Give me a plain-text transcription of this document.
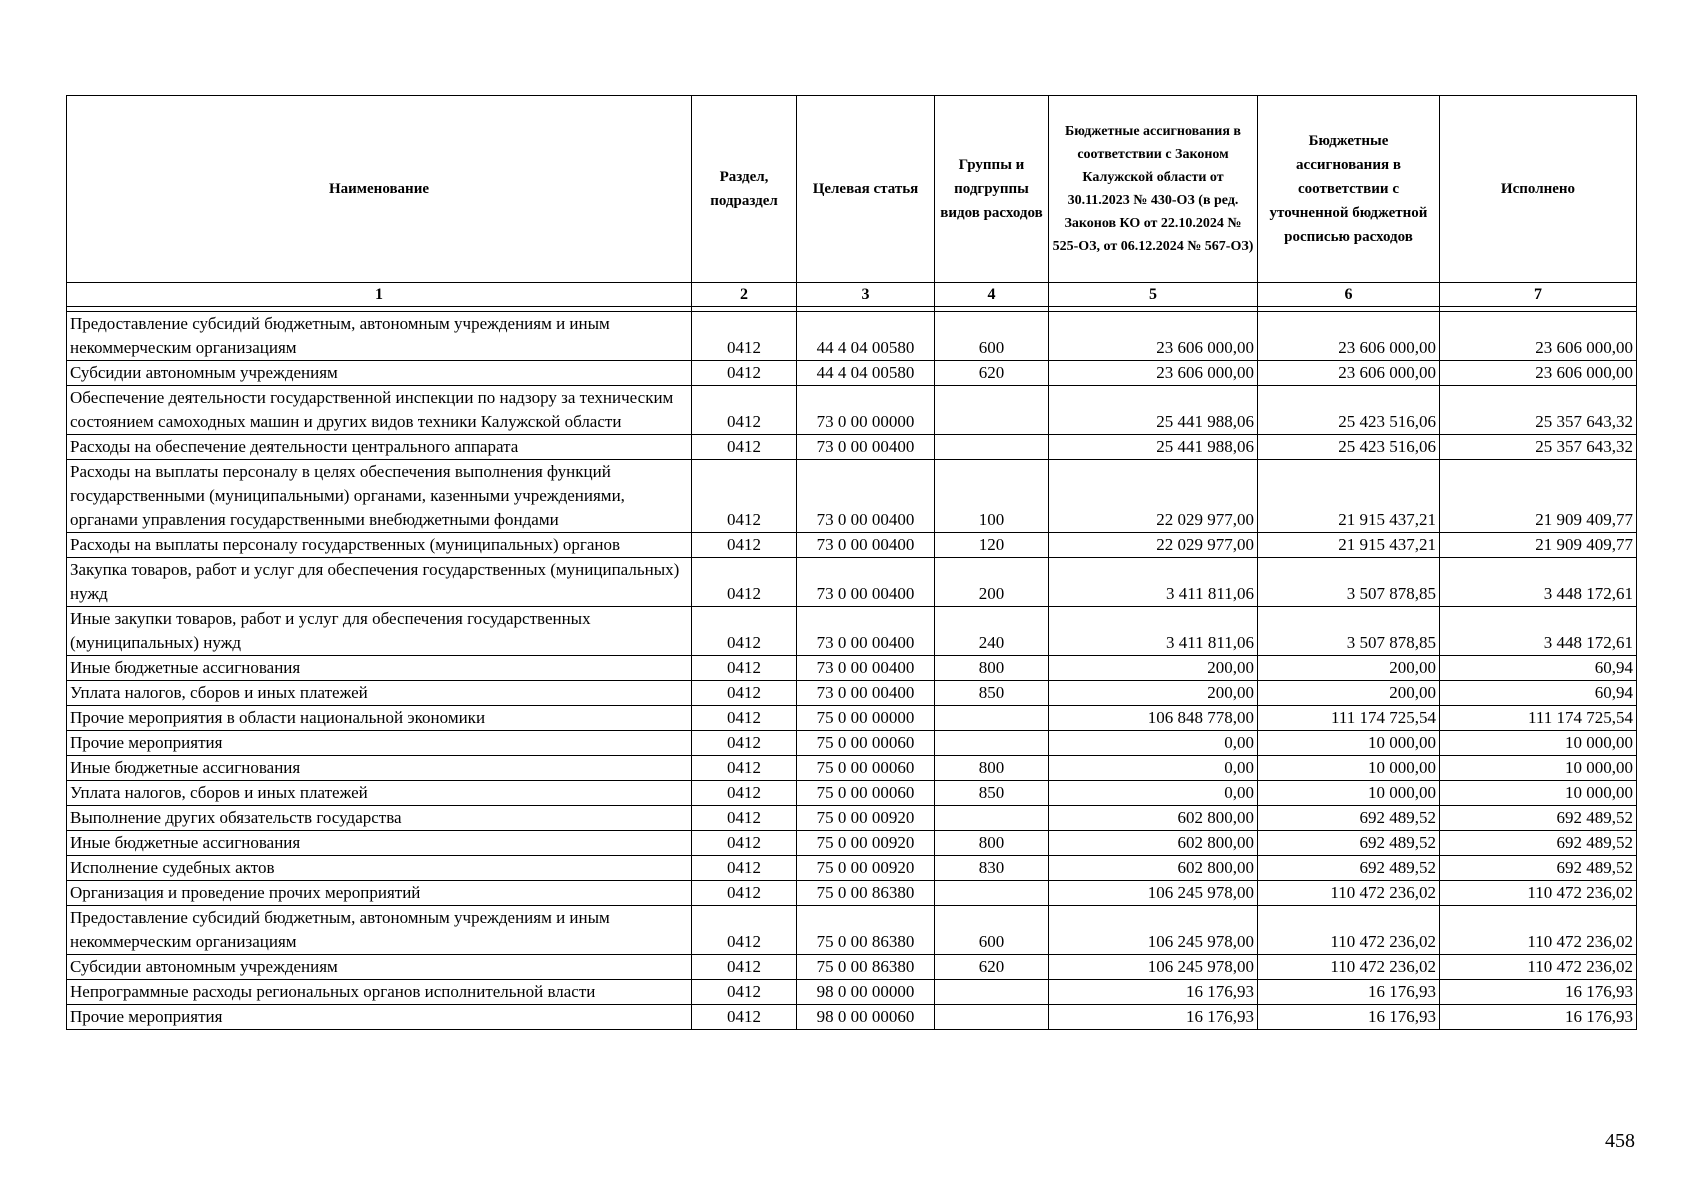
Наименование	Раздел, подраздел	Целевая статья	Группы и подгруппы видов расходов	Бюджетные ассигнования в соответствии с Законом Калужской области от 30.11.2023 № 430-ОЗ (в ред. Законов КО от 22.10.2024 № 525-ОЗ, от 06.12.2024 № 567-ОЗ)	Бюджетные ассигнования в соответствии с уточненной бюджетной росписью расходов	Исполнено
1	2	3	4	5	6	7

Предоставление субсидий бюджетным, автономным учреждениям и иным некоммерческим организациям	0412	44 4 04 00580	600	23 606 000,00	23 606 000,00	23 606 000,00
Субсидии автономным учреждениям	0412	44 4 04 00580	620	23 606 000,00	23 606 000,00	23 606 000,00
Обеспечение деятельности государственной инспекции по надзору за техническим состоянием самоходных машин и других видов техники Калужской области	0412	73 0 00 00000		25 441 988,06	25 423 516,06	25 357 643,32
Расходы на обеспечение деятельности центрального аппарата	0412	73 0 00 00400		25 441 988,06	25 423 516,06	25 357 643,32
Расходы на выплаты персоналу в целях обеспечения выполнения функций государственными (муниципальными) органами, казенными учреждениями, органами управления государственными внебюджетными фондами	0412	73 0 00 00400	100	22 029 977,00	21 915 437,21	21 909 409,77
Расходы на выплаты персоналу государственных (муниципальных) органов	0412	73 0 00 00400	120	22 029 977,00	21 915 437,21	21 909 409,77
Закупка товаров, работ и услуг для обеспечения государственных (муниципальных) нужд	0412	73 0 00 00400	200	3 411 811,06	3 507 878,85	3 448 172,61
Иные закупки товаров, работ и услуг для обеспечения государственных (муниципальных) нужд	0412	73 0 00 00400	240	3 411 811,06	3 507 878,85	3 448 172,61
Иные бюджетные ассигнования	0412	73 0 00 00400	800	200,00	200,00	60,94
Уплата налогов, сборов и иных платежей	0412	73 0 00 00400	850	200,00	200,00	60,94
Прочие мероприятия в области национальной экономики	0412	75 0 00 00000		106 848 778,00	111 174 725,54	111 174 725,54
Прочие мероприятия	0412	75 0 00 00060		0,00	10 000,00	10 000,00
Иные бюджетные ассигнования	0412	75 0 00 00060	800	0,00	10 000,00	10 000,00
Уплата налогов, сборов и иных платежей	0412	75 0 00 00060	850	0,00	10 000,00	10 000,00
Выполнение других обязательств государства	0412	75 0 00 00920		602 800,00	692 489,52	692 489,52
Иные бюджетные ассигнования	0412	75 0 00 00920	800	602 800,00	692 489,52	692 489,52
Исполнение судебных актов	0412	75 0 00 00920	830	602 800,00	692 489,52	692 489,52
Организация и проведение прочих мероприятий	0412	75 0 00 86380		106 245 978,00	110 472 236,02	110 472 236,02
Предоставление субсидий бюджетным, автономным учреждениям и иным некоммерческим организациям	0412	75 0 00 86380	600	106 245 978,00	110 472 236,02	110 472 236,02
Субсидии автономным учреждениям	0412	75 0 00 86380	620	106 245 978,00	110 472 236,02	110 472 236,02
Непрограммные расходы региональных органов исполнительной власти	0412	98 0 00 00000		16 176,93	16 176,93	16 176,93
Прочие мероприятия	0412	98 0 00 00060		16 176,93	16 176,93	16 176,93
458
